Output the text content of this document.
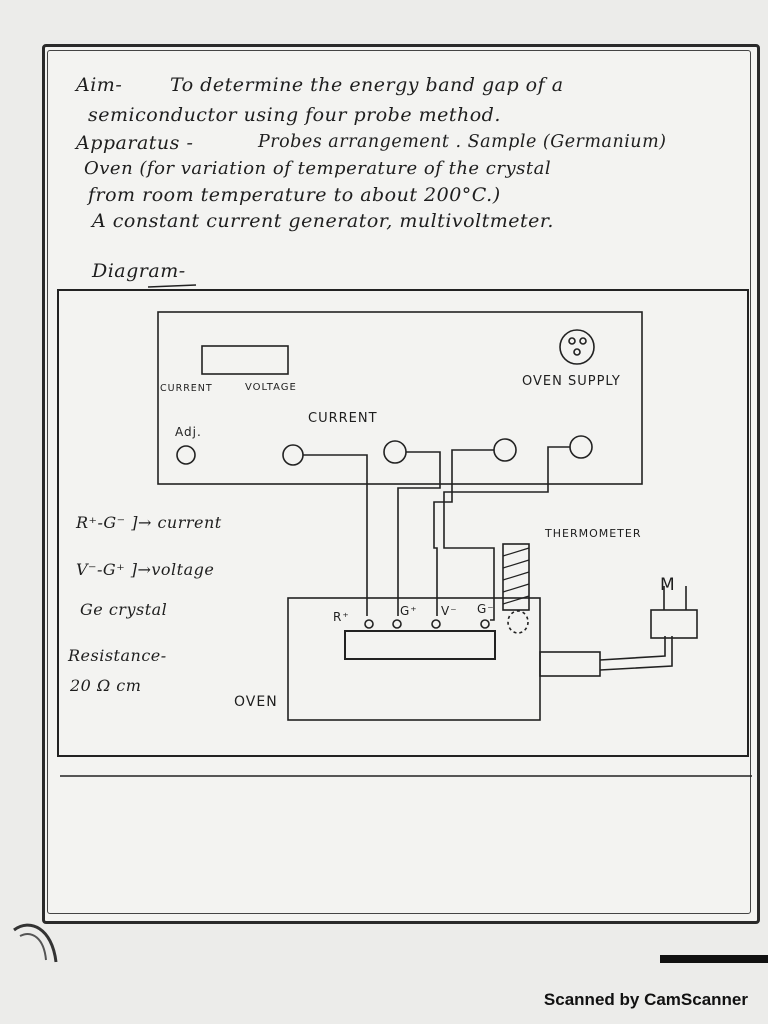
Aim-	To determine the energy band gap of a

semiconductor using four probe method.

Apparatus -	Probes arrangement . Sample (Germanium)

Oven (for variation of temperature of the crystal

from room temperature to about 200°C.)

A constant current generator, multivoltmeter.

Diagram-

CURRENT	VOLTAGE	OVEN SUPPLY

Adj.

CURRENT

THERMOMETER

R⁺	G⁺ V⁻ G⁻

OVEN

M

R⁺-G⁻ ]→ current

V⁻-G⁺ ]→voltage

Ge crystal

Resistance-

20 Ω cm

Scanned by CamScanner
